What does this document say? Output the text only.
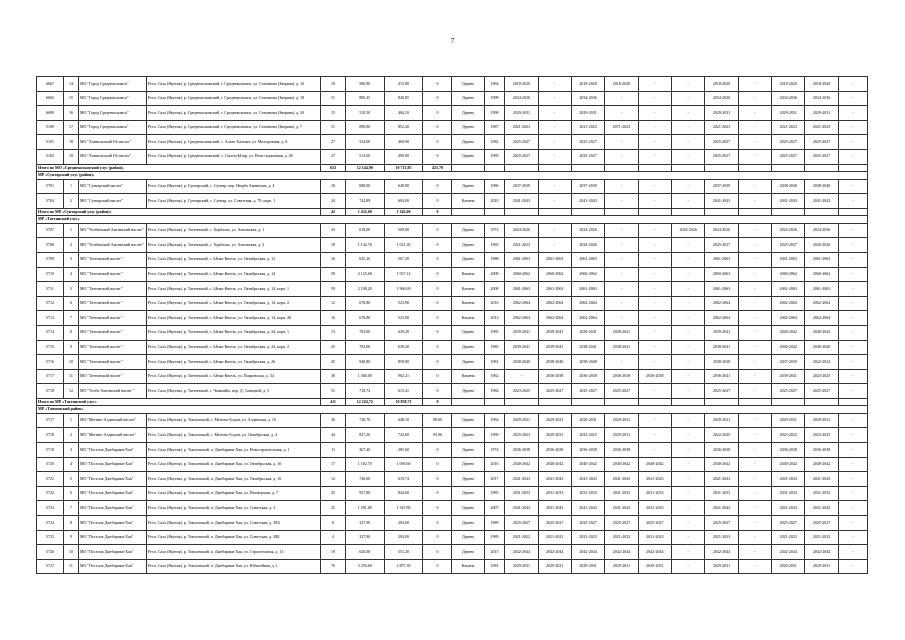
7
6667	14	МО "Город Среднеколымск"	Респ. Саха (Якутия), р. Среднеколымский, г. Среднеколымск, ул. Степанова (Зверяна), д. 16	18	500,90	415,80	0	Дерево	1964	2018-2020	-	2018-2020	2018-2020	-	-	2018-2020	-	2018-2020	2018-2020	-
6682	15	МО "Город Среднеколымск"	Респ. Саха (Якутия), р. Среднеколымский, г. Среднеколымск, ул. Степанова (Зверяна), д. 18	51	880,45	840,85	0	Дерево	1998	2034-2036	-	2034-2036	-	-	-	2034-2036	-	2034-2036	2034-2036	-
6689	16	МО "Город Среднеколымск"	Респ. Саха (Якутия), р. Среднеколымский, г. Среднеколымск, ул. Степанова (Зверяна), д. 20	15	510,50	484,10	0	Дерево	1998	2029-2031	-	2029-2031	-	-	-	2029-2031	-	2029-2031	2029-2031	-
5100	17	МО "Город Среднеколымск"	Респ. Саха (Якутия), р. Среднеколымский, г. Среднеколымск, ул. Степанова (Зверяна), д. 7	51	890,80	852,40	0	Дерево	1987	2021-2023	-	2021-2023	2071-2023	-	-	2021-2023	-	2021-2023	2021-2023	-
5101	18	МО "Ханнольский I-й наслег"	Респ. Саха (Якутия), р. Среднеколымский, с. Алазо-Хахыыт, ул. Молодежная, д. 8	27	524,00	460,00	0	Дерево	1982	2025-2027	-	2025-2027	-	-	-	2025-2027	-	2025-2027	2025-2027	-
5102	19	МО "Ханнольский I-й наслег"	Респ. Саха (Якутия), р. Среднеколымский, с. Сылгы-Ытар, ул. Ноги подъемная, д. 48	27	513,00	490,00	0	Дерево	1989	2025-2027	-	2025-2027	-	-	-	2025-2027	-	2025-2027	2025-2027	-
Итого по МО «Среднеколымский улус (район)»				633	12 144,90	10 713,95	421,70													
МР «Сунтарский улус (район)»																				
5701	1	МО "Сунтарский наслег"	Респ. Саха (Якутия), р. Сунтарский, с. Сунтар, пер. Нюрба Аманьхыа, д. 4	18	688,00	648,80	0	Дерево	1986	2037-2039	-	2037-2039	-	-	-	2037-2039	-	2038-2040	2038-2040	-
5704	2	МО "Сунтарский наслег"	Респ. Саха (Якутия), р. Сунтарский, с. Сунтар, ул. Советская, д. 79, корп. 1	24	742,89	694,00	0	Камень	2010	2041-2043	-	2041-2043	-	-	-	2041-2043	-	2041-2043	2041-2043	-
Итого по МР «Сунтарский улус (район)»				42	1 432,60	1 342,60	0													
МР «Таттинский улус»																				
5707	1	МО "Уолбинский Амгинский наслег"	Респ. Саха (Якутия), р. Таттинский, с. Хорбалах, ул. Амгинская, д. 1	43	618,00	509,00	0	Дерево	1972	2024-2026	-	2024-2026	-	-	2024-2026	2024-2026	-	2024-2026	2024-2026	-
5708	2	МО "Уолбинский Амгинский наслег"	Респ. Саха (Якутия), р. Таттинский, с. Хорбалах, ул. Амгинская, д. 3	18	1 142,70	1 021,30	0	Дерево	1965	2021-2023	-	2024-2026	-	-	-	2025-2027	-	2025-2027	2026-2026	-
5709	3	МО "Таттинский наслег"	Респ. Саха (Якутия), р. Таттинский, с. Ытык-Кюель, ул. Октябрьская, д. 12	16	625,20	567,20	0	Дерево	1988	2061-2063	2061-2063	2061-2063	-	-	-	2061-2063	-	2061-2063	2061-2063	-
5710	4	МО "Таттинский наслег"	Респ. Саха (Якутия), р. Таттинский, с. Ытык-Кюель, ул. Октябрьская, д. 14	58	2 125,68	1 937,14	0	Камень	2008	2060-2062	2060-2062	2060-2062	-	-	-	2060-2062	-	2060-2062	2060-2062	-
5711	5	МО "Таттинский наслег"	Респ. Саха (Якутия), р. Таттинский, с. Ытык-Кюель, ул. Октябрьская, д. 14, корп. 1	59	2 108,20	1 966,69	0	Камень	2008	2061-2063	2061-2063	2061-2063	-	-	-	2061-2063	-	2061-2063	2061-2063	-
5712	6	МО "Таттинский наслег"	Респ. Саха (Якутия), р. Таттинский, с. Ытык-Кюель, ул. Октябрьская, д. 14, корп. 2	12	678,80	523,90	0	Камень	2016	2062-2064	2062-2064	2062-2064	-	-	-	2062-2064	-	2062-2064	2062-2064	-
5713	7	МО "Таттинский наслег"	Респ. Саха (Якутия), р. Таттинский, с. Ытык-Кюель, ул. Октябрьская, д. 14, корп. 2Б	16	678,80	523,90	0	Камень	2012	2062-2064	2062-2064	2062-2064	-	-	-	2062-2064	-	2062-2064	2062-2064	-
5714	8	МО "Таттинский наслег"	Респ. Саха (Якутия), р. Таттинский, с. Ытык-Кюель, ул. Октябрьская, д. 24, корп. 1	13	703,00	639,20	0	Дерево	1985	2039-2041	2039-2041	2039-2041	2038-2041	-	-	2039-2041	-	2040-2042	2040-2042	-
5715	9	МО "Таттинский наслег"	Респ. Саха (Якутия), р. Таттинский, с. Ытык-Кюель, ул. Октябрьская, д. 24, корп. 2	25	703,00	639,20	0	Дерево	1985	2039-2041	2039-2041	2038-2041	2038-2041	-	-	2038-2041	-	2040-2042	2040-2020	-
5716	10	МО "Таттинский наслег"	Респ. Саха (Якутия), р. Таттинский, с. Ытык-Кюель, ул. Октябрьская, д. 26	25	940,80	858,80	0	Дерево	1981	2038-2040	2038-2040	2038-2040	-	-	-	2038-2038	-	2037-2039	2022-2024	-
5717	11	МО "Таттинский наслег"	Респ. Саха (Якутия), р. Таттинский, с. Ытык-Кюель, ул. Покровская, д. 34	36	1 366,00	962,21	0	Камень	1962	-	2036-2038	2036-2038	2036-2038	2036-2038	-	2036-2041	-	2039-2041	2023-2025	-
5718	12	МО "Уолба-Амгинский наслег"	Респ. Саха (Якутия), р. Таттинский, с. Чымнайы, пер. Д. Сивцевой, д. 5	51	718,72	615,41	0	Дерево	1984	2023-2025	2025-2027	2025-2027	2025-2027	-	-	2025-2027	-	2025-2027	2025-2027	-
Итого по МР «Таттинский улус»				411	12 224,72	10 838,71	0													
МР «Томпонский район»																				
5717	1	МО "Мегино-Алданский наслег"	Респ. Саха (Якутия), р. Томпонский, с. Мегино-Алдан, ул. Алданская, д. 10	30	726,70	648,10	88,60	Дерево	1984	2029-2031	2029-2031	2029-2031	2029-2031	-	-	2029-2031	-	2029-2031	2029-2031	-
5718	2	МО "Мегино-Алданский наслег"	Респ. Саха (Якутия), р. Томпонский, с. Мегино-Алдан, ул. Октябрьская, д. 4	44	827,26	742,60	93,96	Дерево	1990	2025-2023	2029-2031	2022-2025	2029-2031	-	-	2022-2025	-	2023-2025	2023-2025	-
5719	3	МО "Поселок Джебарики-Хая"	Респ. Саха (Якутия), р. Томпонский, п. Джебарики-Хая, ул. Новостроительная, д. 1	11	367,40	285,60	0	Дерево	1974	2036-2038	2036-2038	2036-2038	2036-2038	-	-	2036-2038	-	2036-2038	2036-2038	-
5720	4	МО "Поселок Джебарики-Хая"	Респ. Саха (Якутия), р. Томпонский, п. Джебарики-Хая, ул. Октябрьская, д. 10	17	1 182,70	1 069,60	0	Дерево	2016	2040-2042	2040-2042	2040-2042	2040-2042	2040-2042	-	2040-2042	-	2040-2042	2040-2042	-
5721	5	МО "Поселок Джебарики-Хая"	Респ. Саха (Якутия), р. Томпонский, п. Джебарики-Хая, ул. Октябрьская, д. 16	12	746,60	619,74	0	Дерево	2017	2041-2043	2041-2043	2041-2043	2041-2043	2041-2043	-	2041-2043	-	2041-2043	2041-2043	-
5722	6	МО "Поселок Джебарики-Хая"	Респ. Саха (Якутия), р. Томпонский, п. Джебарики-Хая, ул. Пионерская, д. 7	25	927,80	844,60	0	Дерево	1985	2031-2033	2031-2033	2031-2033	2031-2033	2031-2033	-	2031-2033	-	2031-2033	2031-2033	-
5723	7	МО "Поселок Джебарики-Хая"	Респ. Саха (Якутия), р. Томпонский, п. Джебарики-Хая, ул. Советская, д. 3	25	1 591,80	1 347,80	0	Дерево	2007	2041-2043	2041-2043	2041-2043	2041-2043	2041-2043	-	2041-2043	-	2041-2043	2041-2043	-
5724	8	МО "Поселок Джебарики-Хая"	Респ. Саха (Якутия), р. Томпонский, п. Джебарики-Хая, ул. Советская, д. 38А	6	327,90	294,00	0	Дерево	1989	2025-2027	2025-2027	2025-2027	2025-2027	2025-2027	-	2025-2027	-	2025-2027	2025-2027	-
5725	9	МО "Поселок Джебарики-Хая"	Респ. Саха (Якутия), р. Томпонский, п. Джебарики-Хая, ул. Советская, д. 38Б	4	327,90	294,00	0	Дерево	1989	2021-2022	2021-2023	2021-2023	2021-2023	2021-2023	-	2021-2023	-	2021-2023	2021-2023	-
5726	10	МО "Поселок Джебарики-Хая"	Респ. Саха (Якутия), р. Томпонский, п. Джебарики-Хая, ул. Строительная, д. 13	19	620,00	551,20	0	Дерево	2015	2042-2044	2042-2044	2042-2044	2042-2044	2042-2044	-	2042-2044	-	2042-2044	2042-2044	-
5727	11	МО "Поселок Джебарики-Хая"	Респ. Саха (Якутия), р. Томпонский, п. Джебарики-Хая, ул. Юбилейная, д. 1	76	3 250,60	2 857,30	0	Камень	1981	2029-2031	2029-2031	2029-2031	2029-2031	2029-2031	-	2029-2031	-	2029-2031	2029-2031	-
